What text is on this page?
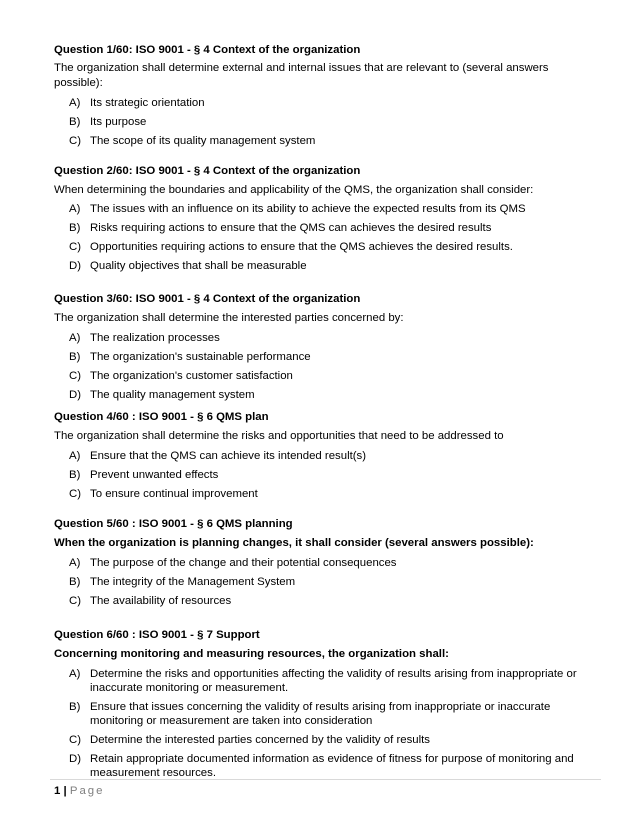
Question 1/60: ISO 9001 - § 4 Context of the organization
The organization shall determine external and internal issues that are relevant to (several answers possible):
A) Its strategic orientation
B) Its purpose
C) The scope of its quality management system
Question 2/60: ISO 9001 - § 4 Context of the organization
When determining the boundaries and applicability of the QMS, the organization shall consider:
A) The issues with an influence on its ability to achieve the expected results from its QMS
B) Risks requiring actions to ensure that the QMS can achieves the desired results
C) Opportunities requiring actions to ensure that the QMS achieves the desired results.
D) Quality objectives that shall be measurable
Question 3/60: ISO 9001 - § 4 Context of the organization
The organization shall determine the interested parties concerned by:
A) The realization processes
B) The organization's sustainable performance
C) The organization's customer satisfaction
D) The quality management system
Question 4/60 : ISO 9001 - § 6 QMS plan
The organization shall determine the risks and opportunities that need to be addressed to
A) Ensure that the QMS can achieve its intended result(s)
B) Prevent unwanted effects
C) To ensure continual improvement
Question 5/60 : ISO 9001 - § 6 QMS planning
When the organization is planning changes, it shall consider (several answers possible):
A) The purpose of the change and their potential consequences
B) The integrity of the Management System
C) The availability of resources
Question 6/60 : ISO 9001 - § 7 Support
Concerning monitoring and measuring resources, the organization shall:
A) Determine the risks and opportunities affecting the validity of results arising from inappropriate or inaccurate monitoring or measurement.
B) Ensure that issues concerning the validity of results arising from inappropriate or inaccurate monitoring or measurement are taken into consideration
C) Determine the interested parties concerned by the validity of results
D) Retain appropriate documented information as evidence of fitness for purpose of monitoring and measurement resources.
1 | Page
